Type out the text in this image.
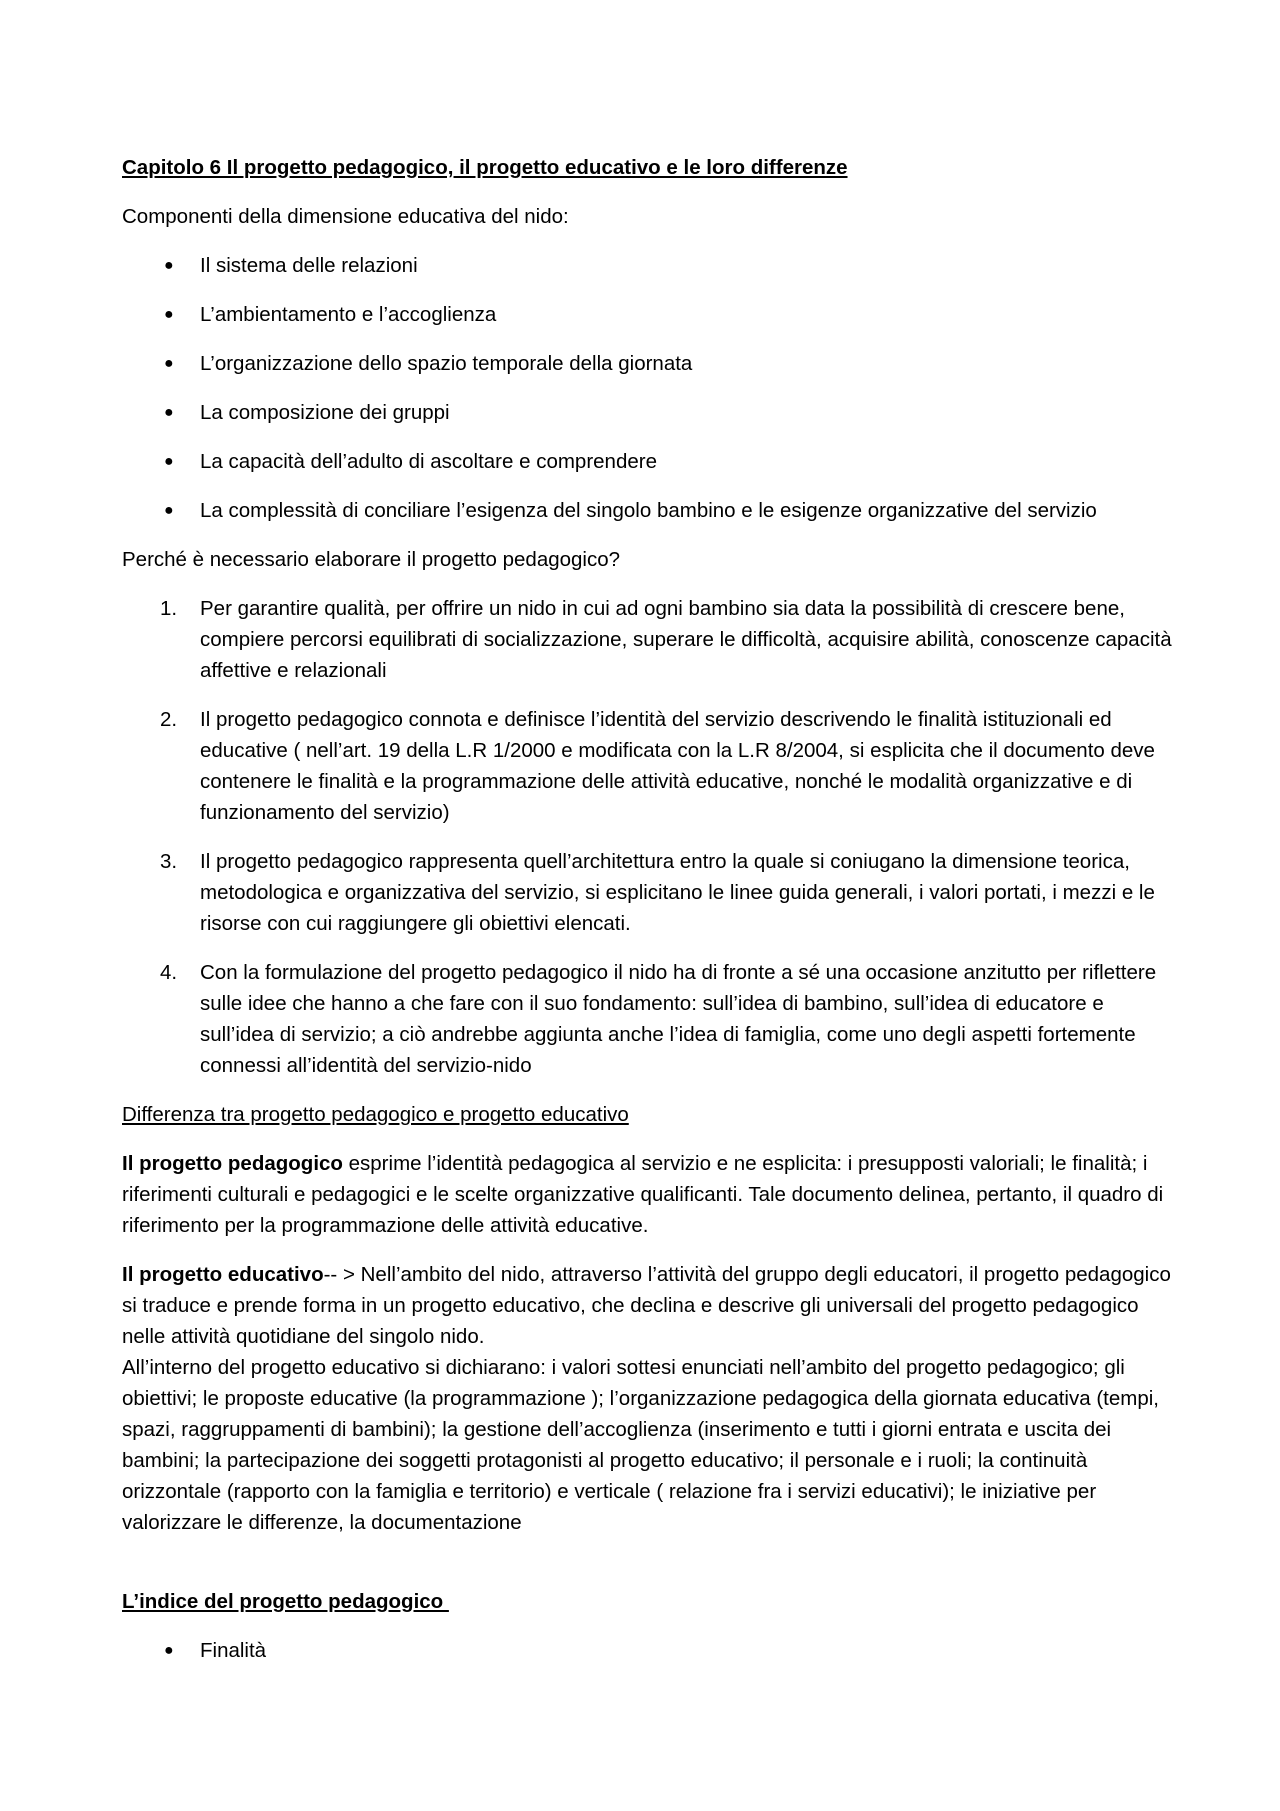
Capitolo 6 Il progetto pedagogico, il progetto educativo e le loro differenze

Componenti della dimensione educativa del nido:

● Il sistema delle relazioni
● L’ambientamento e l’accoglienza
● L’organizzazione dello spazio temporale della giornata
● La composizione dei gruppi
● La capacità dell’adulto di ascoltare e comprendere
● La complessità di conciliare l’esigenza del singolo bambino e le esigenze organizzative del servizio

Perché è necessario elaborare il progetto pedagogico?

1. Per garantire qualità, per offrire un nido in cui ad ogni bambino sia data la possibilità di crescere bene, compiere percorsi equilibrati di socializzazione, superare le difficoltà, acquisire abilità, conoscenze capacità affettive e relazionali
2. Il progetto pedagogico connota e definisce l’identità del servizio descrivendo le finalità istituzionali ed educative ( nell’art. 19 della L.R 1/2000 e modificata con la L.R 8/2004, si esplicita che il documento deve contenere le finalità e la programmazione delle attività educative, nonché le modalità organizzative e di funzionamento del servizio)
3. Il progetto pedagogico rappresenta quell’architettura entro la quale si coniugano la dimensione teorica, metodologica e organizzativa del servizio, si esplicitano le linee guida generali, i valori portati, i mezzi e le risorse con cui raggiungere gli obiettivi elencati.
4. Con la formulazione del progetto pedagogico il nido ha di fronte a sé una occasione anzitutto per riflettere sulle idee che hanno a che fare con il suo fondamento: sull’idea di bambino, sull’idea di educatore e sull’idea di servizio; a ciò andrebbe aggiunta anche l’idea di famiglia, come uno degli aspetti fortemente connessi all’identità del servizio-nido

Differenza tra progetto pedagogico e progetto educativo

Il progetto pedagogico esprime l’identità pedagogica al servizio e ne esplicita: i presupposti valoriali; le finalità; i riferimenti culturali e pedagogici e le scelte organizzative qualificanti. Tale documento delinea, pertanto, il quadro di riferimento per la programmazione delle attività educative.

Il progetto educativo-- > Nell’ambito del nido, attraverso l’attività del gruppo degli educatori, il progetto pedagogico si traduce e prende forma in un progetto educativo, che declina e descrive gli universali del progetto pedagogico nelle attività quotidiane del singolo nido.

All’interno del progetto educativo si dichiarano: i valori sottesi enunciati nell’ambito del progetto pedagogico; gli obiettivi; le proposte educative (la programmazione ); l’organizzazione pedagogica della giornata educativa (tempi, spazi, raggruppamenti di bambini); la gestione dell’accoglienza (inserimento e tutti i giorni entrata e uscita dei bambini; la partecipazione dei soggetti protagonisti al progetto educativo; il personale e i ruoli; la continuità orizzontale (rapporto con la famiglia e territorio) e verticale ( relazione fra i servizi educativi); le iniziative per valorizzare le differenze, la documentazione

L’indice del progetto pedagogico

● Finalità
